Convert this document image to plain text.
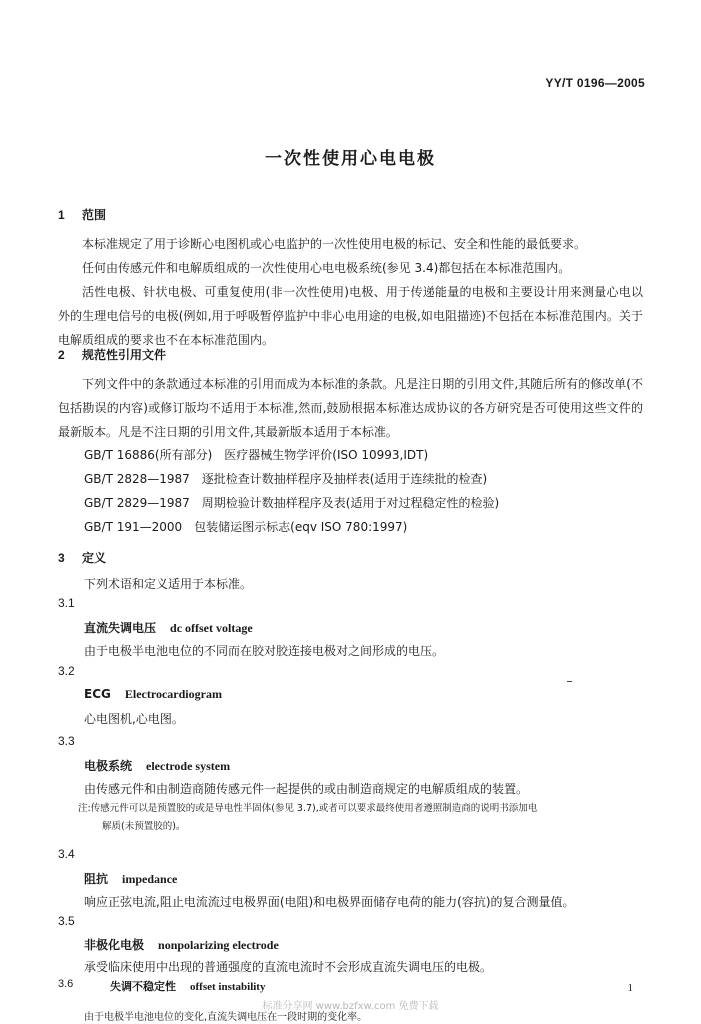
YY/T 0196—2005
一次性使用心电电极
1 范围
本标准规定了用于诊断心电图机或心电监护的一次性使用电极的标记、安全和性能的最低要求。
任何由传感元件和电解质组成的一次性使用心电电极系统(参见 3.4)都包括在本标准范围内。
活性电极、针状电极、可重复使用(非一次性使用)电极、用于传递能量的电极和主要设计用来测量心电以外的生理电信号的电极(例如,用于呼吸暂停监护中非心电用途的电极,如电阻描迹)不包括在本标准范围内。关于电解质组成的要求也不在本标准范围内。
2 规范性引用文件
下列文件中的条款通过本标准的引用而成为本标准的条款。凡是注日期的引用文件,其随后所有的修改单(不包括勘误的内容)或修订版均不适用于本标准,然而,鼓励根据本标准达成协议的各方研究是否可使用这些文件的最新版本。凡是不注日期的引用文件,其最新版本适用于本标准。
GB/T 16886(所有部分)　医疗器械生物学评价(ISO 10993,IDT)
GB/T 2828—1987　逐批检查计数抽样程序及抽样表(适用于连续批的检查)
GB/T 2829—1987　周期检验计数抽样程序及表(适用于对过程稳定性的检验)
GB/T 191—2000　包装储运图示标志(eqv ISO 780:1997)
3 定义
下列术语和定义适用于本标准。
3.1
直流失调电压 dc offset voltage
由于电极半电池电位的不同而在胶对胶连接电极对之间形成的电压。
3.2
ECG Electrocardiogram
心电图机,心电图。
3.3
电极系统 electrode system
由传感元件和由制造商随传感元件一起提供的或由制造商规定的电解质组成的装置。
注:传感元件可以是预置胶的或是导电性半固体(参见 3.7),或者可以要求最终使用者遵照制造商的说明书添加电
解质(未预置胶的)。
3.4
阻抗 impedance
响应正弦电流,阻止电流流过电极界面(电阻)和电极界面储存电荷的能力(容抗)的复合测量值。
3.5
非极化电极 nonpolarizing electrode
承受临床使用中出现的普通强度的直流电流时不会形成直流失调电压的电极。
3.6	失调不稳定性 offset instability
由于电极半电池电位的变化,直流失调电压在一段时期的变化率。
1
标准分享网 www.bzfxw.com 免费下载
